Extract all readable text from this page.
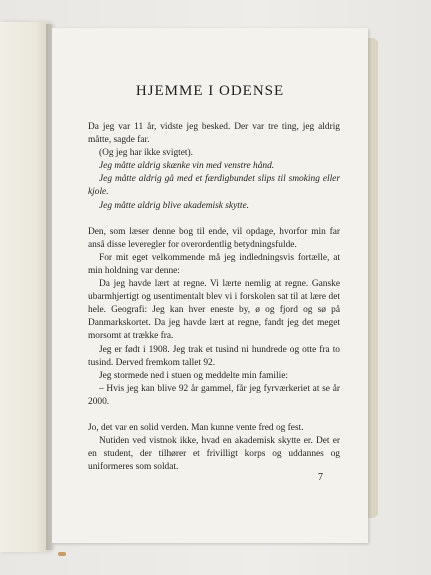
HJEMME I ODENSE

Da jeg var 11 år, vidste jeg besked. Der var tre ting, jeg aldrig måtte, sagde far.

(Og jeg har ikke svigtet).

Jeg måtte aldrig skænke vin med venstre hånd.

Jeg måtte aldrig gå med et færdigbundet slips til smoking eller kjole.

Jeg måtte aldrig blive akademisk skytte.

Den, som læser denne bog til ende, vil opdage, hvorfor min far anså disse leveregler for overordentlig betydningsfulde.

For mit eget velkommende må jeg indledningsvis fortælle, at min holdning var denne:

Da jeg havde lært at regne. Vi lærte nemlig at regne. Ganske ubarmhjertigt og usentimentalt blev vi i forskolen sat til at lære det hele. Geografi: Jeg kan hver eneste by, ø og fjord og sø på Danmarkskortet. Da jeg havde lært at regne, fandt jeg det meget morsomt at trække fra.

Jeg er født i 1908. Jeg trak et tusind ni hundrede og otte fra to tusind. Derved fremkom tallet 92.

Jeg stormede ned i stuen og meddelte min familie:

– Hvis jeg kan blive 92 år gammel, får jeg fyrværkeriet at se år 2000.

Jo, det var en solid verden. Man kunne vente fred og fest.

Nutiden ved vistnok ikke, hvad en akademisk skytte er. Det er en student, der tilhører et frivilligt korps og uddannes og uniformeres som soldat.

7
